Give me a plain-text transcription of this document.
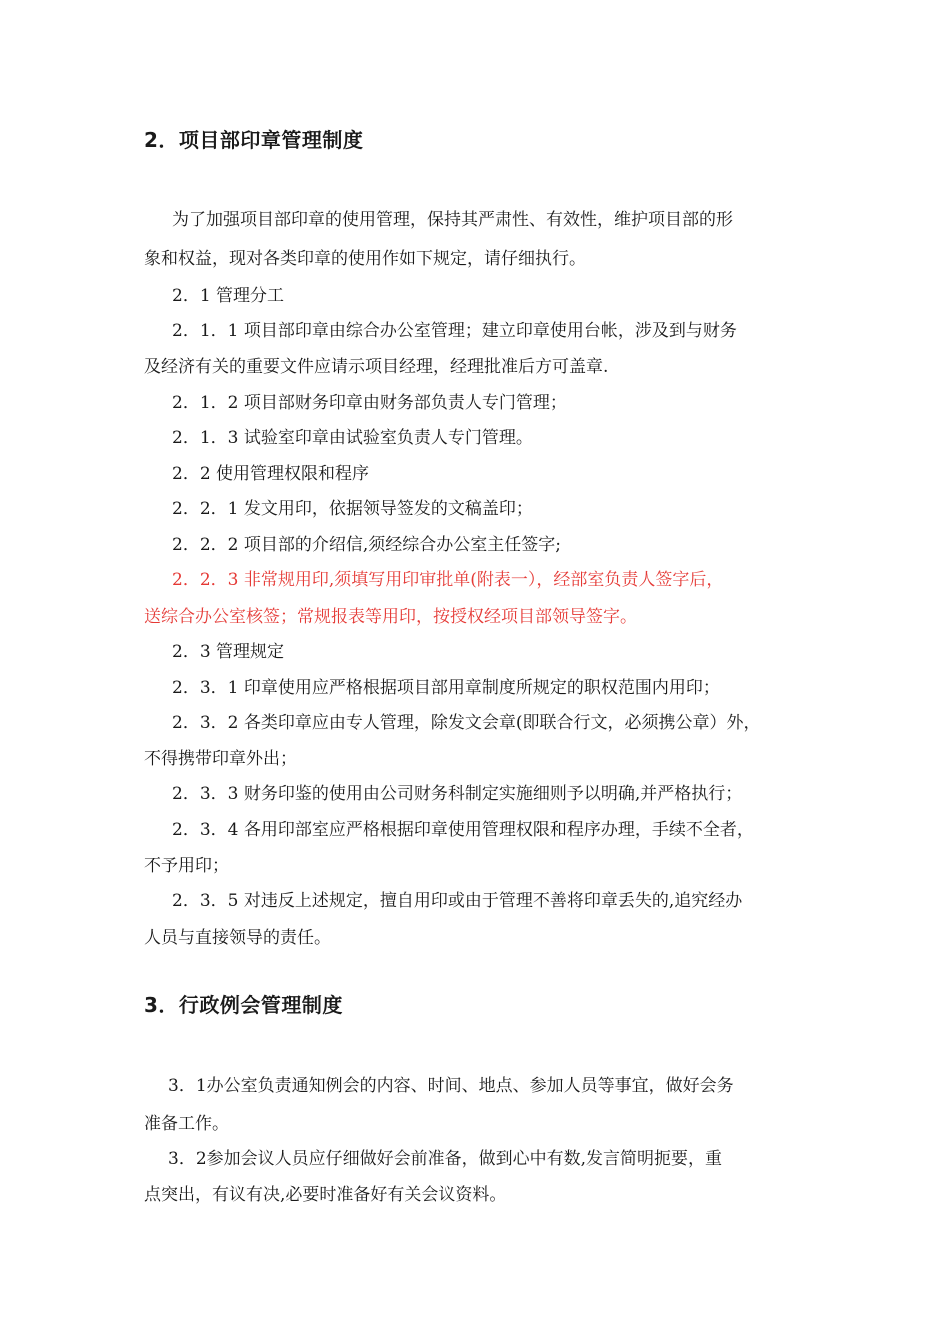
2．项目部印章管理制度
为了加强项目部印章的使用管理，保持其严肃性、有效性，维护项目部的形
象和权益，现对各类印章的使用作如下规定，请仔细执行。
2．1 管理分工
2．1．1 项目部印章由综合办公室管理；建立印章使用台帐，涉及到与财务
及经济有关的重要文件应请示项目经理，经理批准后方可盖章.
2．1．2 项目部财务印章由财务部负责人专门管理；
2．1．3 试验室印章由试验室负责人专门管理。
2．2 使用管理权限和程序
2．2．1 发文用印，依据领导签发的文稿盖印；
2．2．2 项目部的介绍信,须经综合办公室主任签字;
2．2．3 非常规用印,须填写用印审批单(附表一），经部室负责人签字后，
送综合办公室核签；常规报表等用印，按授权经项目部领导签字。
2．3 管理规定
2．3．1 印章使用应严格根据项目部用章制度所规定的职权范围内用印；
2．3．2 各类印章应由专人管理，除发文会章(即联合行文，必须携公章）外，
不得携带印章外出；
2．3．3 财务印鉴的使用由公司财务科制定实施细则予以明确,并严格执行；
2．3．4 各用印部室应严格根据印章使用管理权限和程序办理，手续不全者，
不予用印；
2．3．5 对违反上述规定，擅自用印或由于管理不善将印章丢失的,追究经办
人员与直接领导的责任。
3．行政例会管理制度
3．1办公室负责通知例会的内容、时间、地点、参加人员等事宜，做好会务
准备工作。
3．2参加会议人员应仔细做好会前准备，做到心中有数,发言简明扼要，重
点突出，有议有决,必要时准备好有关会议资料。
